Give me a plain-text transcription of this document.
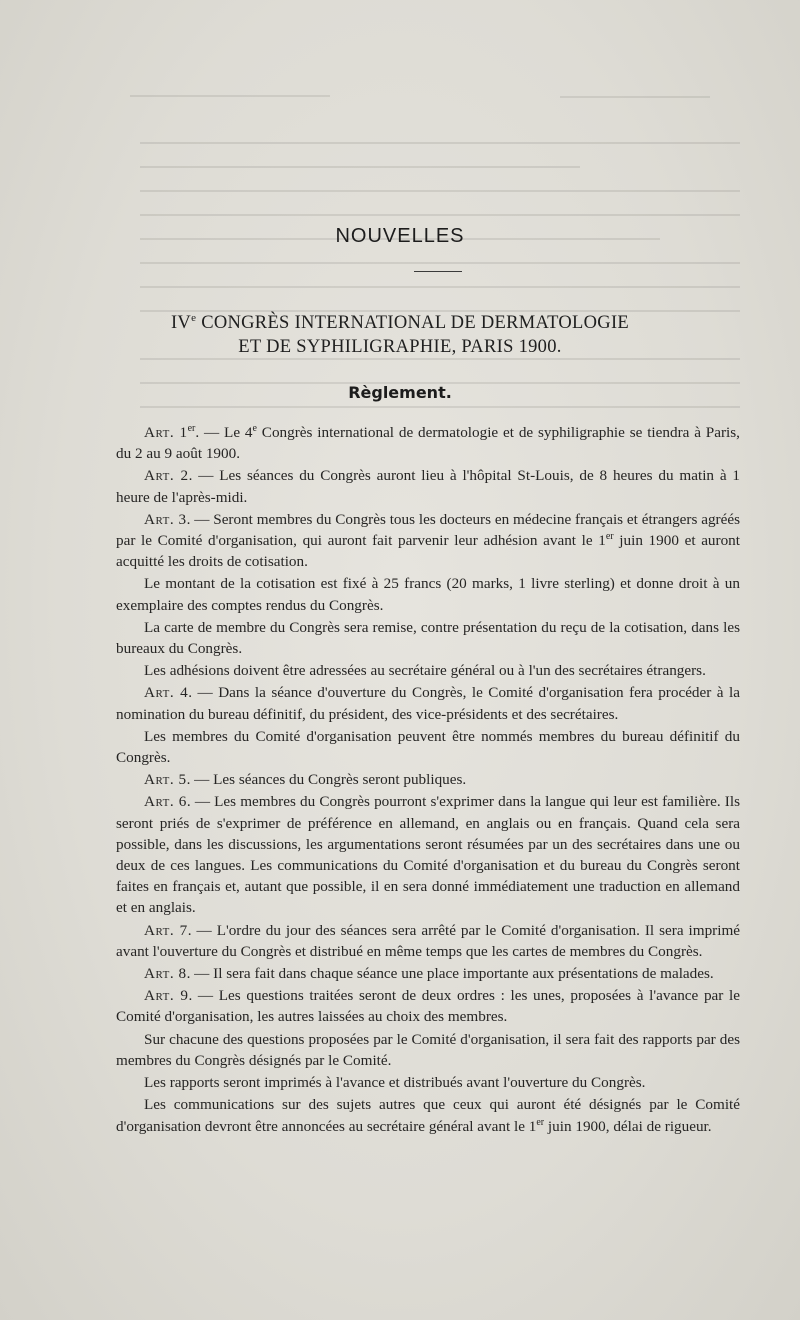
NOUVELLES
IVe CONGRÈS INTERNATIONAL DE DERMATOLOGIE
ET DE SYPHILIGRAPHIE, PARIS 1900.
Règlement.

Art. 1er. — Le 4e Congrès international de dermatologie et de syphiligraphie se tiendra à Paris, du 2 au 9 août 1900.

Art. 2. — Les séances du Congrès auront lieu à l'hôpital St-Louis, de 8 heures du matin à 1 heure de l'après-midi.

Art. 3. — Seront membres du Congrès tous les docteurs en médecine français et étrangers agréés par le Comité d'organisation, qui auront fait parvenir leur adhésion avant le 1er juin 1900 et auront acquitté les droits de cotisation.

Le montant de la cotisation est fixé à 25 francs (20 marks, 1 livre sterling) et donne droit à un exemplaire des comptes rendus du Congrès.

La carte de membre du Congrès sera remise, contre présentation du reçu de la cotisation, dans les bureaux du Congrès.

Les adhésions doivent être adressées au secrétaire général ou à l'un des secrétaires étrangers.

Art. 4. — Dans la séance d'ouverture du Congrès, le Comité d'organisation fera procéder à la nomination du bureau définitif, du président, des vice-présidents et des secrétaires.

Les membres du Comité d'organisation peuvent être nommés membres du bureau définitif du Congrès.

Art. 5. — Les séances du Congrès seront publiques.

Art. 6. — Les membres du Congrès pourront s'exprimer dans la langue qui leur est familière. Ils seront priés de s'exprimer de préférence en allemand, en anglais ou en français. Quand cela sera possible, dans les discussions, les argumentations seront résumées par un des secrétaires dans une ou deux de ces langues. Les communications du Comité d'organisation et du bureau du Congrès seront faites en français et, autant que possible, il en sera donné immédiatement une traduction en allemand et en anglais.

Art. 7. — L'ordre du jour des séances sera arrêté par le Comité d'organisation. Il sera imprimé avant l'ouverture du Congrès et distribué en même temps que les cartes de membres du Congrès.

Art. 8. — Il sera fait dans chaque séance une place importante aux présentations de malades.

Art. 9. — Les questions traitées seront de deux ordres : les unes, proposées à l'avance par le Comité d'organisation, les autres laissées au choix des membres.

Sur chacune des questions proposées par le Comité d'organisation, il sera fait des rapports par des membres du Congrès désignés par le Comité.

Les rapports seront imprimés à l'avance et distribués avant l'ouverture du Congrès.

Les communications sur des sujets autres que ceux qui auront été désignés par le Comité d'organisation devront être annoncées au secrétaire général avant le 1er juin 1900, délai de rigueur.
